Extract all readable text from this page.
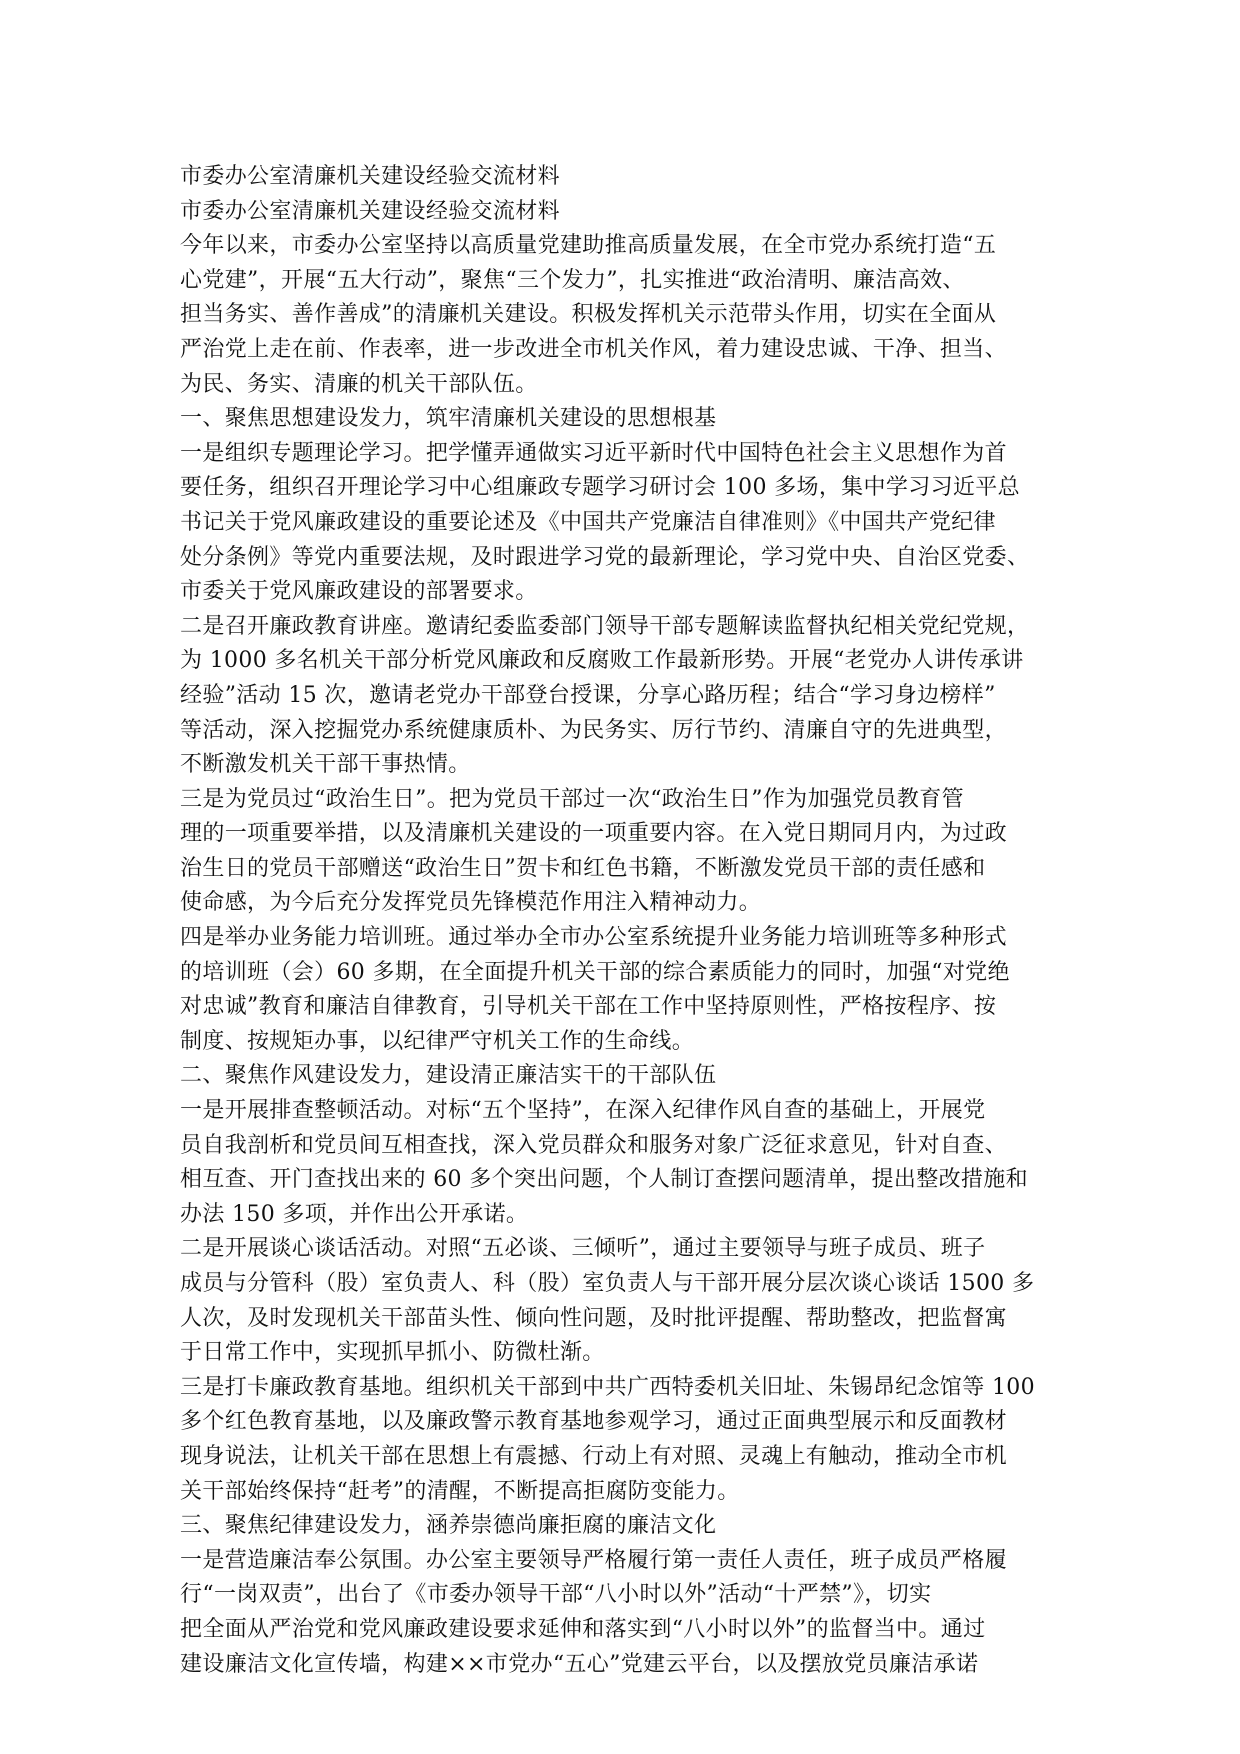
市委办公室清廉机关建设经验交流材料

市委办公室清廉机关建设经验交流材料

今年以来，市委办公室坚持以高质量党建助推高质量发展，在全市党办系统打造“五

心党建”，开展“五大行动”，聚焦“三个发力”，扎实推进“政治清明、廉洁高效、

担当务实、善作善成”的清廉机关建设。积极发挥机关示范带头作用，切实在全面从

严治党上走在前、作表率，进一步改进全市机关作风，着力建设忠诚、干净、担当、

为民、务实、清廉的机关干部队伍。

一、聚焦思想建设发力，筑牢清廉机关建设的思想根基

一是组织专题理论学习。把学懂弄通做实习近平新时代中国特色社会主义思想作为首

要任务，组织召开理论学习中心组廉政专题学习研讨会 100 多场，集中学习习近平总

书记关于党风廉政建设的重要论述及《中国共产党廉洁自律准则》《中国共产党纪律

处分条例》等党内重要法规，及时跟进学习党的最新理论，学习党中央、自治区党委、

市委关于党风廉政建设的部署要求。

二是召开廉政教育讲座。邀请纪委监委部门领导干部专题解读监督执纪相关党纪党规，

为 1000 多名机关干部分析党风廉政和反腐败工作最新形势。开展“老党办人讲传承讲

经验”活动 15 次，邀请老党办干部登台授课，分享心路历程；结合“学习身边榜样”

等活动，深入挖掘党办系统健康质朴、为民务实、厉行节约、清廉自守的先进典型，

不断激发机关干部干事热情。

三是为党员过“政治生日”。把为党员干部过一次“政治生日”作为加强党员教育管

理的一项重要举措，以及清廉机关建设的一项重要内容。在入党日期同月内，为过政

治生日的党员干部赠送“政治生日”贺卡和红色书籍，不断激发党员干部的责任感和

使命感，为今后充分发挥党员先锋模范作用注入精神动力。

四是举办业务能力培训班。通过举办全市办公室系统提升业务能力培训班等多种形式

的培训班（会）60 多期，在全面提升机关干部的综合素质能力的同时，加强“对党绝

对忠诚”教育和廉洁自律教育，引导机关干部在工作中坚持原则性，严格按程序、按

制度、按规矩办事，以纪律严守机关工作的生命线。

二、聚焦作风建设发力，建设清正廉洁实干的干部队伍

一是开展排查整顿活动。对标“五个坚持”，在深入纪律作风自查的基础上，开展党

员自我剖析和党员间互相查找，深入党员群众和服务对象广泛征求意见，针对自查、

相互查、开门查找出来的 60 多个突出问题，个人制订查摆问题清单，提出整改措施和

办法 150 多项，并作出公开承诺。

二是开展谈心谈话活动。对照“五必谈、三倾听”，通过主要领导与班子成员、班子

成员与分管科（股）室负责人、科（股）室负责人与干部开展分层次谈心谈话 1500 多

人次，及时发现机关干部苗头性、倾向性问题，及时批评提醒、帮助整改，把监督寓

于日常工作中，实现抓早抓小、防微杜渐。

三是打卡廉政教育基地。组织机关干部到中共广西特委机关旧址、朱锡昂纪念馆等 100

多个红色教育基地，以及廉政警示教育基地参观学习，通过正面典型展示和反面教材

现身说法，让机关干部在思想上有震撼、行动上有对照、灵魂上有触动，推动全市机

关干部始终保持“赶考”的清醒，不断提高拒腐防变能力。

三、聚焦纪律建设发力，涵养崇德尚廉拒腐的廉洁文化

一是营造廉洁奉公氛围。办公室主要领导严格履行第一责任人责任，班子成员严格履

行“一岗双责”，出台了《市委办领导干部“八小时以外”活动“十严禁”》，切实

把全面从严治党和党风廉政建设要求延伸和落实到“八小时以外”的监督当中。通过

建设廉洁文化宣传墙，构建××市党办“五心”党建云平台，以及摆放党员廉洁承诺
